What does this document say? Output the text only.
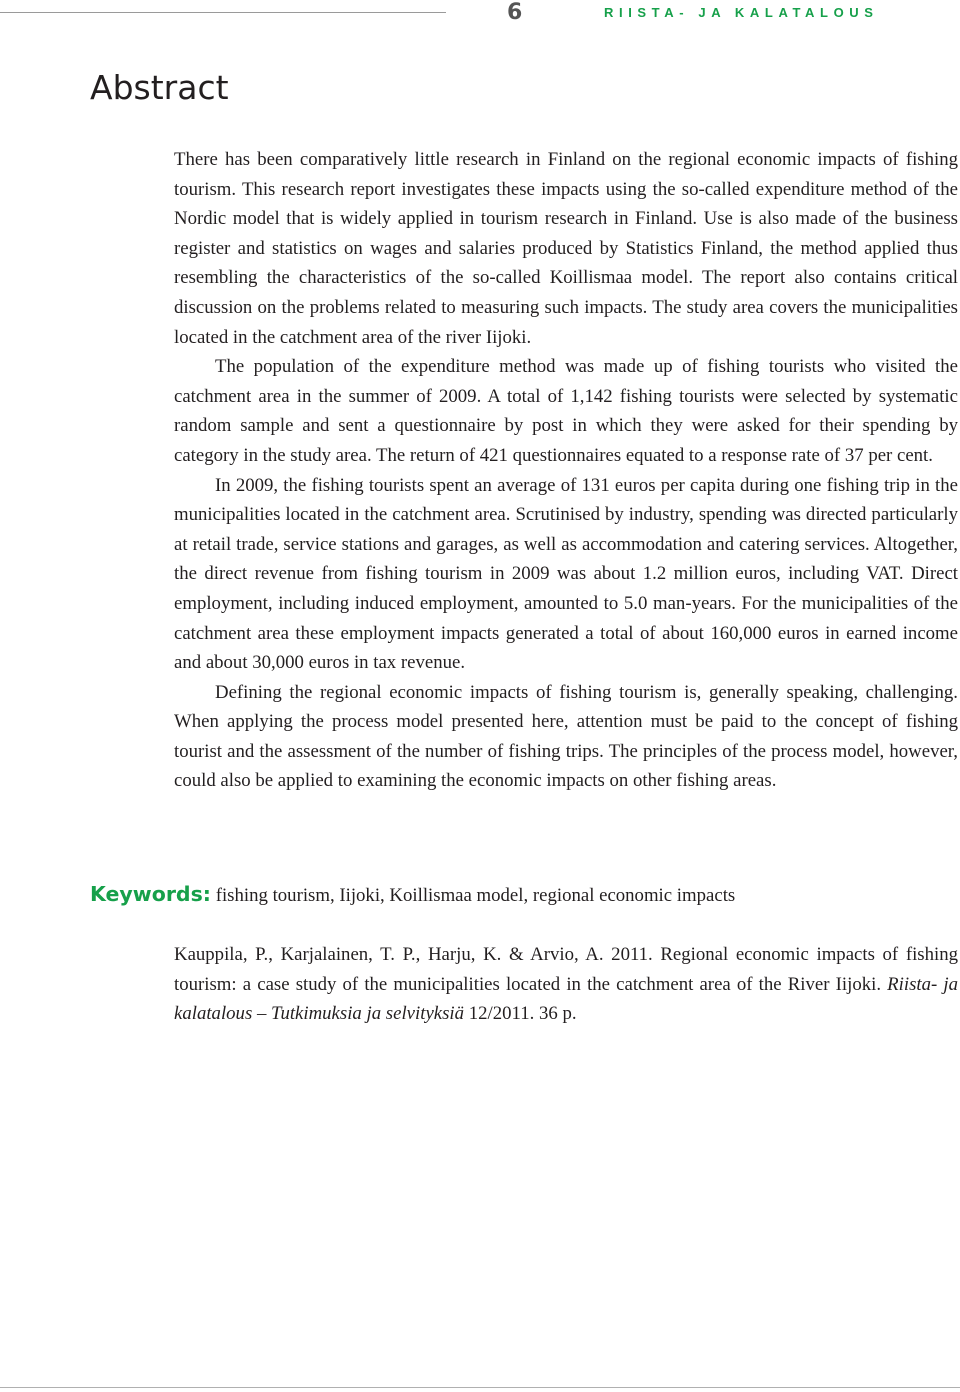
6	RIISTA- JA KALATALOUS
Abstract

There has been comparatively little research in Finland on the regional economic impacts of fishing tourism. This research report investigates these impacts using the so-called expenditure method of the Nordic model that is widely applied in tourism research in Finland. Use is also made of the business register and statistics on wages and salaries produced by Statistics Finland, the method applied thus resembling the characteristics of the so-called Koillismaa model. The report also contains critical discussion on the problems related to measuring such impacts. The study area covers the municipalities located in the catchment area of the river Iijoki.

The population of the expenditure method was made up of fishing tourists who visited the catchment area in the summer of 2009. A total of 1,142 fishing tourists were selected by systematic random sample and sent a questionnaire by post in which they were asked for their spending by category in the study area. The return of 421 questionnaires equated to a response rate of 37 per cent.

In 2009, the fishing tourists spent an average of 131 euros per capita during one fishing trip in the municipalities located in the catchment area. Scrutinised by industry, spending was directed particularly at retail trade, service stations and garages, as well as accommodation and catering services. Altogether, the direct revenue from fishing tourism in 2009 was about 1.2 million euros, including VAT. Direct employment, including induced employment, amounted to 5.0 man-years. For the municipalities of the catchment area these employment impacts generated a total of about 160,000 euros in earned income and about 30,000 euros in tax revenue.

Defining the regional economic impacts of fishing tourism is, generally speaking, challenging. When applying the process model presented here, attention must be paid to the concept of fishing tourist and the assessment of the number of fishing trips. The principles of the process model, however, could also be applied to examining the economic impacts on other fishing areas.

Keywords: fishing tourism, Iijoki, Koillismaa model, regional economic impacts
Kauppila, P., Karjalainen, T. P., Harju, K. & Arvio, A. 2011. Regional economic impacts of fishing tourism: a case study of the municipalities located in the catchment area of the River Iijoki. Riista- ja kalatalous – Tutkimuksia ja selvityksiä 12/2011. 36 p.
